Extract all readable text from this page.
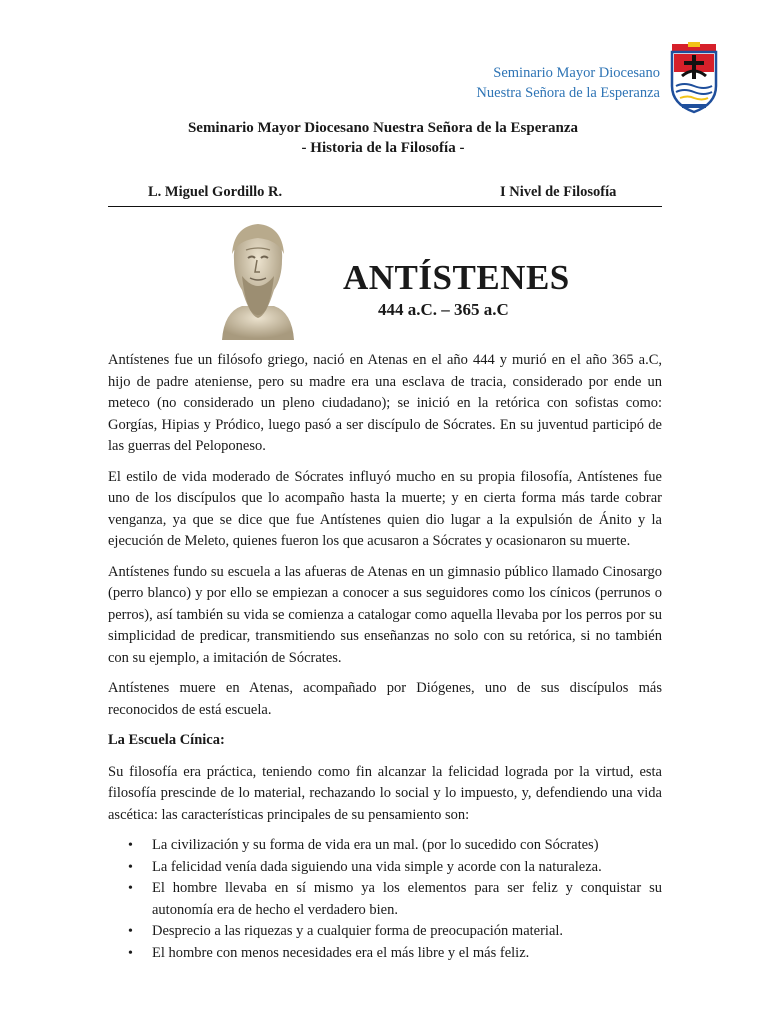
Seminario Mayor Diocesano
Nuestra Señora de la Esperanza
Seminario Mayor Diocesano Nuestra Señora de la Esperanza
- Historia de la Filosofía -
L. Miguel Gordillo R.	I Nivel de Filosofía
ANTÍSTENES
444 a.C. – 365 a.C

Antístenes fue un filósofo griego, nació en Atenas en el año 444 y murió en el año 365 a.C, hijo de padre ateniense, pero su madre era una esclava de tracia, considerado por ende un meteco (no considerado un pleno ciudadano); se inició en la retórica con sofistas como: Gorgías, Hipias y Pródico, luego pasó a ser discípulo de Sócrates. En su juventud participó de las guerras del Peloponeso.

El estilo de vida moderado de Sócrates influyó mucho en su propia filosofía, Antístenes fue uno de los discípulos que lo acompaño hasta la muerte; y en cierta forma más tarde cobrar venganza, ya que se dice que fue Antístenes quien dio lugar a la expulsión de Ánito y la ejecución de Meleto, quienes fueron los que acusaron a Sócrates y ocasionaron su muerte.

Antístenes fundo su escuela a las afueras de Atenas en un gimnasio público llamado Cinosargo (perro blanco) y por ello se empiezan a conocer a sus seguidores como los cínicos (perrunos o perros), así también su vida se comienza a catalogar como aquella llevaba por los perros por su simplicidad de predicar, transmitiendo sus enseñanzas no solo con su retórica, si no también con su ejemplo, a imitación de Sócrates.

Antístenes muere en Atenas, acompañado por Diógenes, uno de sus discípulos más reconocidos de está escuela.

La Escuela Cínica:

Su filosofía era práctica, teniendo como fin alcanzar la felicidad lograda por la virtud, esta filosofía prescinde de lo material, rechazando lo social y lo impuesto, y, defendiendo una vida ascética: las características principales de su pensamiento son:

• La civilización y su forma de vida era un mal. (por lo sucedido con Sócrates)
• La felicidad venía dada siguiendo una vida simple y acorde con la naturaleza.
• El hombre llevaba en sí mismo ya los elementos para ser feliz y conquistar su autonomía era de hecho el verdadero bien.
• Desprecio a las riquezas y a cualquier forma de preocupación material.
• El hombre con menos necesidades era el más libre y el más feliz.
